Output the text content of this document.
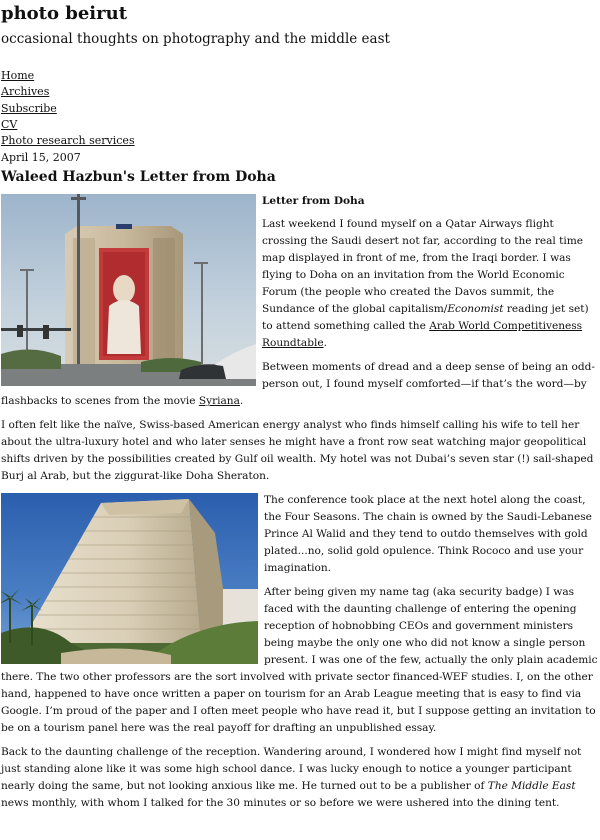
photo beirut

occasional thoughts on photography and the middle east

Home
Archives
Subscribe
CV
Photo research services
April 15, 2007
Waleed Hazbun's Letter from Doha

Letter from Doha

Last weekend I found myself on a Qatar Airways flight crossing the Saudi desert not far, according to the real time map displayed in front of me, from the Iraqi border. I was flying to Doha on an invitation from the World Economic Forum (the people who created the Davos summit, the Sundance of the global capitalism/Economist reading jet set) to attend something called the Arab World Competitiveness Roundtable.

Between moments of dread and a deep sense of being an odd-person out, I found myself comforted—if that’s the word—by flashbacks to scenes from the movie Syriana.

I often felt like the naïve, Swiss-based American energy analyst who finds himself calling his wife to tell her about the ultra-luxury hotel and who later senses he might have a front row seat watching major geopolitical shifts driven by the possibilities created by Gulf oil wealth. My hotel was not Dubai’s seven star (!) sail-shaped Burj al Arab, but the ziggurat-like Doha Sheraton.

The conference took place at the next hotel along the coast, the Four Seasons. The chain is owned by the Saudi-Lebanese Prince Al Walid and they tend to outdo themselves with gold plated...no, solid gold opulence. Think Rococo and use your imagination.

After being given my name tag (aka security badge) I was faced with the daunting challenge of entering the opening reception of hobnobbing CEOs and government ministers being maybe the only one who did not know a single person present. I was one of the few, actually the only plain academic there. The two other professors are the sort involved with private sector financed-WEF studies. I, on the other hand, happened to have once written a paper on tourism for an Arab League meeting that is easy to find via Google. I’m proud of the paper and I often meet people who have read it, but I suppose getting an invitation to be on a tourism panel here was the real payoff for drafting an unpublished essay.

Back to the daunting challenge of the reception. Wandering around, I wondered how I might find myself not just standing alone like it was some high school dance. I was lucky enough to notice a younger participant nearly doing the same, but not looking anxious like me. He turned out to be a publisher of The Middle East news monthly, with whom I talked for the 30 minutes or so before we were ushered into the dining tent.
